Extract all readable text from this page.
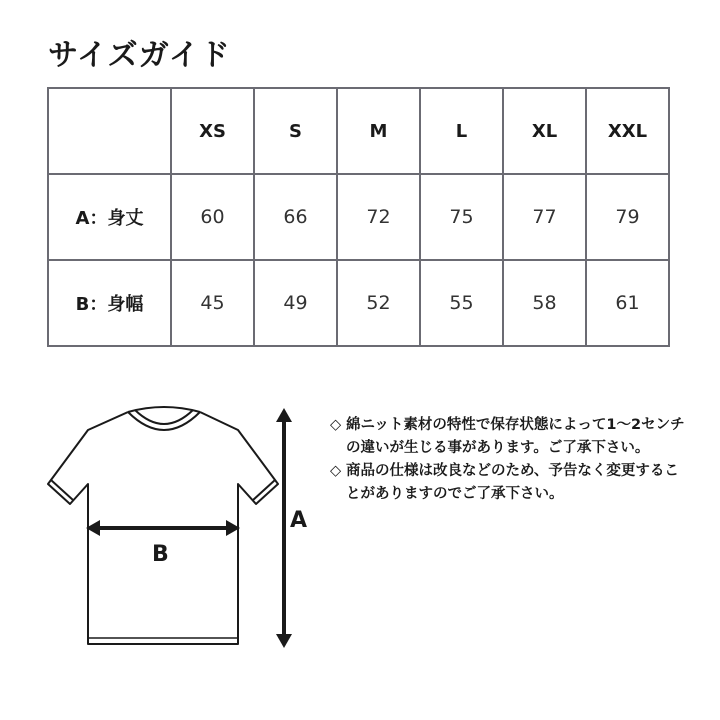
サイズガイド
	XS	S	M	L	XL	XXL
A：身丈	60	66	72	75	77	79
B：身幅	45	49	52	55	58	61
A
B
◇ 綿ニット素材の特性で保存状態によって1〜2センチの違いが生じる事があります。ご了承下さい。
◇ 商品の仕様は改良などのため、予告なく変更することがありますのでご了承下さい。
